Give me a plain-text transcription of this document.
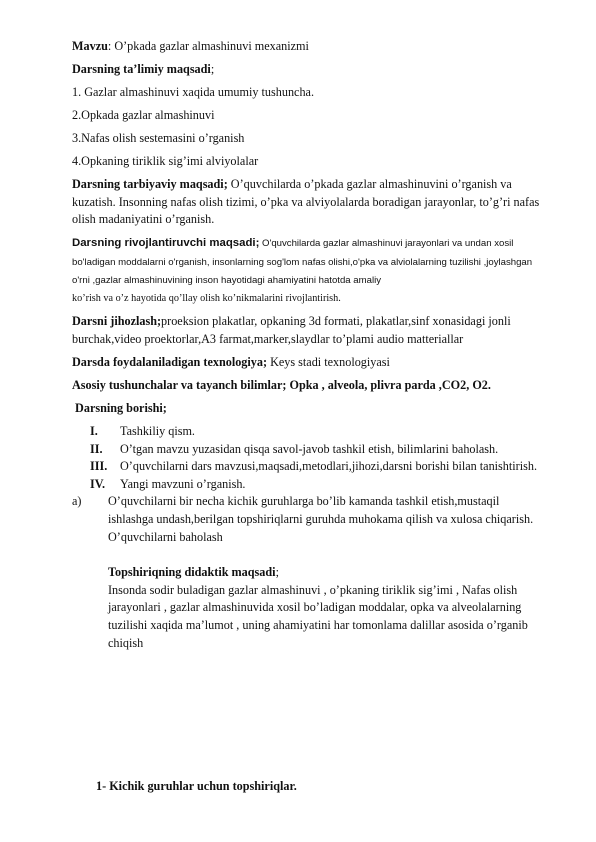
Mavzu: O’pkada gazlar almashinuvi mexanizmi

Darsning ta’limiy maqsadi;

1. Gazlar almashinuvi xaqida umumiy tushuncha.

2.Opkada gazlar almashinuvi

3.Nafas olish sestemasini o’rganish

4.Opkaning tiriklik sig’imi alviyolalar

Darsning tarbiyaviy maqsadi; O’quvchilarda o’pkada gazlar almashinuvini o’rganish va kuzatish. Insonning nafas olish tizimi, o’pka va alviyolalarda boradigan jarayonlar, to’g’ri nafas olish madaniyatini o’rganish.

Darsning rivojlantiruvchi maqsadi; O'quvchilarda gazlar almashinuvi jarayonlari va undan xosil bo'ladigan moddalarni o'rganish, insonlarning sog'lom nafas olishi,o'pka va alviolalarning tuzilishi ,joylashgan o'rni ,gazlar almashinuvining inson hayotidagi ahamiyatini hatotda amaliy
ko’rish va o’z hayotida qo’llay olish ko’nikmalarini rivojlantirish.

Darsni jihozlash;proeksion plakatlar, opkaning 3d formati, plakatlar,sinf xonasidagi jonli burchak,video proektorlar,A3 farmat,marker,slaydlar to’plami audio matteriallar

Darsda foydalaniladigan texnologiya; Keys stadi texnologiyasi

Asosiy tushunchalar va tayanch bilimlar; Opka , alveola, plivra parda ,CO2, O2.

Darsning borishi;

I. Tashkiliy qism.
II. O’tgan mavzu yuzasidan qisqa savol-javob tashkil etish, bilimlarini baholash.
III. O’quvchilarni dars mavzusi,maqsadi,metodlari,jihozi,darsni borishi bilan tanishtirish.
IV. Yangi mavzuni o’rganish.
a) O’quvchilarni bir necha kichik guruhlarga bo’lib kamanda tashkil etish,mustaqil ishlashga undash,berilgan topshiriqlarni guruhda muhokama qilish va xulosa chiqarish. O’quvchilarni baholash

Topshiriqning didaktik maqsadi;

Insonda sodir buladigan gazlar almashinuvi , o’pkaning tiriklik sig’imi , Nafas olish jarayonlari , gazlar almashinuvida xosil bo’ladigan moddalar, opka va alveolalarning tuzilishi xaqida ma’lumot , uning ahamiyatini har tomonlama dalillar asosida o’rganib chiqish

1- Kichik guruhlar uchun topshiriqlar.
